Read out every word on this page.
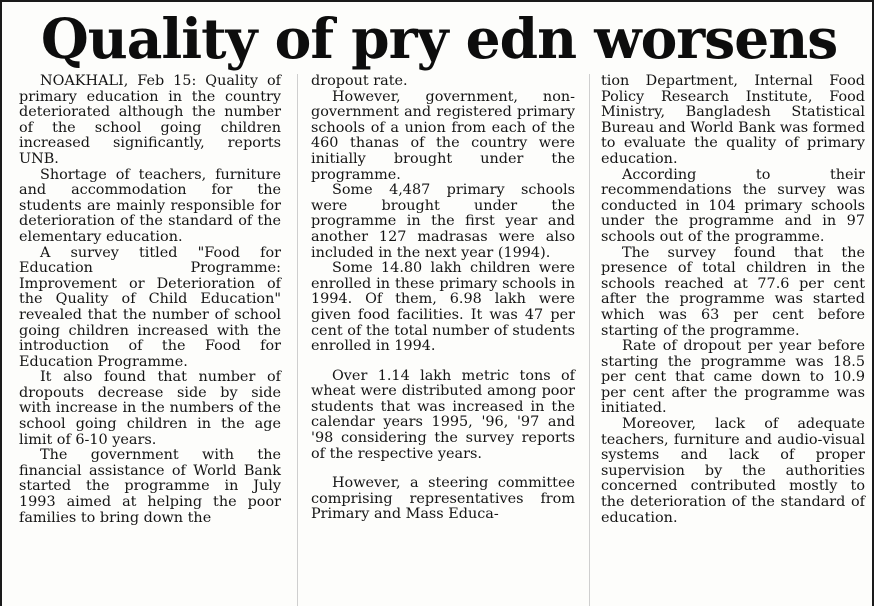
Quality of pry edn worsens

NOAKHALI, Feb 15: Quality of primary education in the country deteriorated although the number of the school going children increased significantly, reports UNB.

Shortage of teachers, furniture and accommodation for the students are mainly responsible for deterioration of the standard of the elementary education.

A survey titled "Food for Education Programme: Improvement or Deterioration of the Quality of Child Education" revealed that the number of school going children increased with the introduction of the Food for Education Programme.

It also found that number of dropouts decrease side by side with increase in the numbers of the school going children in the age limit of 6-10 years.

The government with the financial assistance of World Bank started the programme in July 1993 aimed at helping the poor families to bring down the

dropout rate.

However, government, non-government and registered primary schools of a union from each of the 460 thanas of the country were initially brought under the programme.

Some 4,487 primary schools were brought under the programme in the first year and another 127 madrasas were also included in the next year (1994).

Some 14.80 lakh children were enrolled in these primary schools in 1994. Of them, 6.98 lakh were given food facilities. It was 47 per cent of the total number of students enrolled in 1994.

Over 1.14 lakh metric tons of wheat were distributed among poor students that was increased in the calendar years 1995, '96, '97 and '98 considering the survey reports of the respective years.

However, a steering committee comprising representatives from Primary and Mass Educa-

tion Department, Internal Food Policy Research Institute, Food Ministry, Bangladesh Statistical Bureau and World Bank was formed to evaluate the quality of primary education.

According to their recommendations the survey was conducted in 104 primary schools under the programme and in 97 schools out of the programme.

The survey found that the presence of total children in the schools reached at 77.6 per cent after the programme was started which was 63 per cent before starting of the programme.

Rate of dropout per year before starting the programme was 18.5 per cent that came down to 10.9 per cent after the programme was initiated.

Moreover, lack of adequate teachers, furniture and audio-visual systems and lack of proper supervision by the authorities concerned contributed mostly to the deterioration of the standard of education.
